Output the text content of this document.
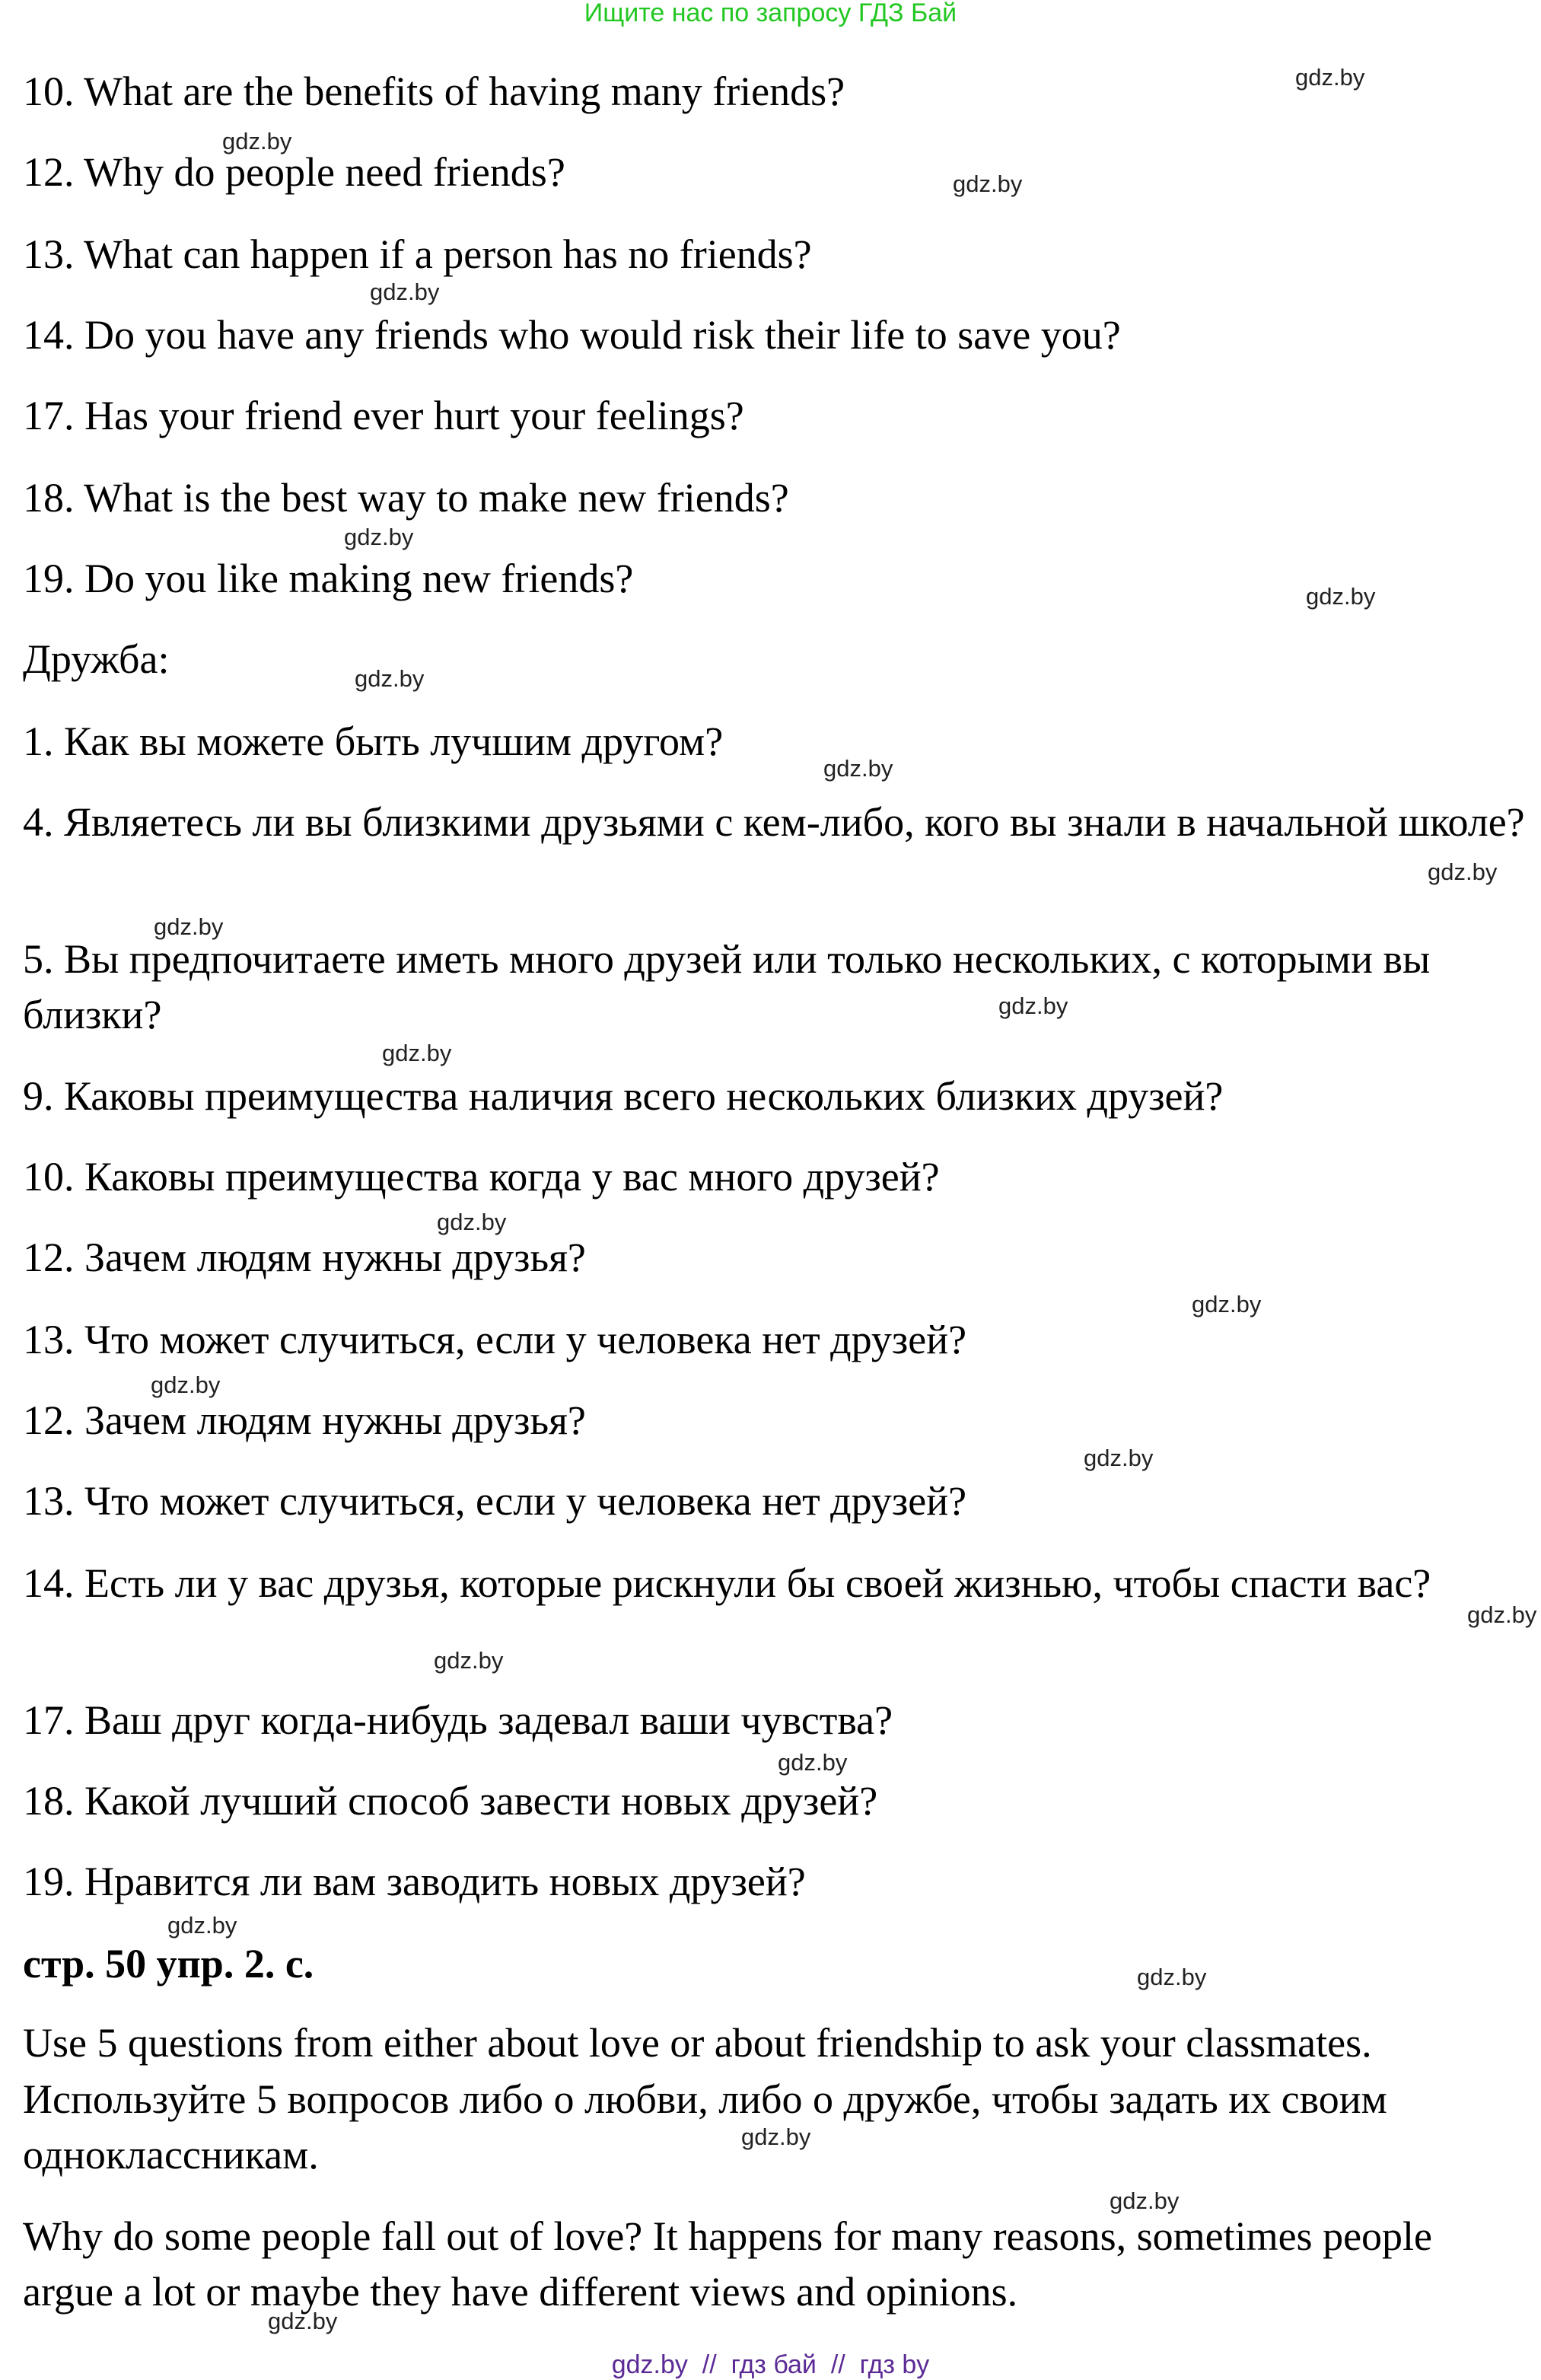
Ищите нас по запросу ГДЗ Бай
10. What are the benefits of having many friends?
12. Why do people need friends?
13. What can happen if a person has no friends?
14. Do you have any friends who would risk their life to save you?
17. Has your friend ever hurt your feelings?
18. What is the best way to make new friends?
19. Do you like making new friends?
Дружба:
1. Как вы можете быть лучшим другом?
4. Являетесь ли вы близкими друзьями с кем-либо, кого вы знали в начальной школе?
5. Вы предпочитаете иметь много друзей или только нескольких, с которыми вы близки?
9. Каковы преимущества наличия всего нескольких близких друзей?
10. Каковы преимущества когда у вас много друзей?
12. Зачем людям нужны друзья?
13. Что может случиться, если у человека нет друзей?
12. Зачем людям нужны друзья?
13. Что может случиться, если у человека нет друзей?
14. Есть ли у вас друзья, которые рискнули бы своей жизнью, чтобы спасти вас?
17. Ваш друг когда-нибудь задевал ваши чувства?
18. Какой лучший способ завести новых друзей?
19. Нравится ли вам заводить новых друзей?
стр. 50 упр. 2. с.
Use 5 questions from either about love or about friendship to ask your classmates.
Используйте 5 вопросов либо о любви, либо о дружбе, чтобы задать их своим одноклассникам.
Why do some people fall out of love? It happens for many reasons, sometimes people argue a lot or maybe they have different views and opinions.
gdz.by
gdz.by
gdz.by
gdz.by
gdz.by
gdz.by
gdz.by
gdz.by
gdz.by
gdz.by
gdz.by
gdz.by
gdz.by
gdz.by
gdz.by
gdz.by
gdz.by
gdz.by
gdz.by
gdz.by
gdz.by
gdz.by
gdz.by
gdz.by
gdz.by  //  гдз бай  //  гдз by
